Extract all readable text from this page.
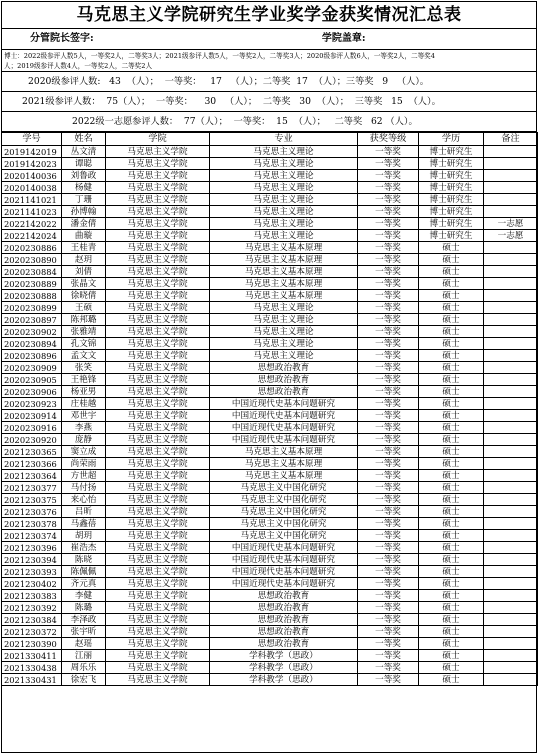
马克思主义学院研究生学业奖学金获奖情况汇总表
分管院长签字:	学院盖章:
博士：2022级参评人数5人，一等奖2人，二等奖3人；2021级参评人数5人，一等奖2人，二等奖3人；2020级参评人数6人，一等奖2人，二等奖4
人；2019级参评人数4人，一等奖2人，二等奖2人
2020级参评人数:   43  （人）；  一等奖：   17   （人）；二等奖  17  （人）；三等奖   9   （人）。
2021级参评人数：  75（人）；  一等奖：    30   （人）；  二等奖   30  （人）；  三等奖   15  （人）。
2022级一志愿参评人数：  77（人）；  一等奖：  15  （人）；   二等奖   62 （人）。
学号	姓名	学院	专业	获奖等级	学历	备注
2019142019	丛文清	马克思主义学院	马克思主义理论	一等奖	博士研究生	
2019142023	谭聪	马克思主义学院	马克思主义理论	一等奖	博士研究生	
2020140036	刘鲁政	马克思主义学院	马克思主义理论	一等奖	博士研究生	
2020140038	杨健	马克思主义学院	马克思主义理论	一等奖	博士研究生	
2021141021	丁珊	马克思主义学院	马克思主义理论	一等奖	博士研究生	
2021141023	孙博翰	马克思主义学院	马克思主义理论	一等奖	博士研究生	
2022142022	潘金倩	马克思主义学院	马克思主义理论	一等奖	博士研究生	一志愿
2022142024	曲璇	马克思主义学院	马克思主义理论	一等奖	博士研究生	一志愿
2020230886	王桂青	马克思主义学院	马克思主义基本原理	一等奖	硕士	
2020230890	赵玥	马克思主义学院	马克思主义基本原理	一等奖	硕士	
2020230884	刘倩	马克思主义学院	马克思主义基本原理	一等奖	硕士	
2020230889	张晶文	马克思主义学院	马克思主义基本原理	一等奖	硕士	
2020230888	徐晓倩	马克思主义学院	马克思主义基本原理	一等奖	硕士	
2020230899	王硕	马克思主义学院	马克思主义理论	一等奖	硕士	
2020230897	陈邦璐	马克思主义学院	马克思主义理论	一等奖	硕士	
2020230902	张雅靖	马克思主义学院	马克思主义理论	一等奖	硕士	
2020230894	孔文锦	马克思主义学院	马克思主义理论	一等奖	硕士	
2020230896	孟文文	马克思主义学院	马克思主义理论	一等奖	硕士	
2020230909	张笑	马克思主义学院	思想政治教育	一等奖	硕士	
2020230905	王艳锋	马克思主义学院	思想政治教育	一等奖	硕士	
2020230906	杨亚男	马克思主义学院	思想政治教育	一等奖	硕士	
2020230923	庄桂越	马克思主义学院	中国近现代史基本问题研究	一等奖	硕士	
2020230914	邓世宇	马克思主义学院	中国近现代史基本问题研究	一等奖	硕士	
2020230916	李燕	马克思主义学院	中国近现代史基本问题研究	一等奖	硕士	
2020230920	庞静	马克思主义学院	中国近现代史基本问题研究	一等奖	硕士	
2021230365	窦立成	马克思主义学院	马克思主义基本原理	一等奖	硕士	
2021230366	尚荣雨	马克思主义学院	马克思主义基本原理	一等奖	硕士	
2021230364	方世超	马克思主义学院	马克思主义基本原理	一等奖	硕士	
2021230377	马付扬	马克思主义学院	马克思主义中国化研究	一等奖	硕士	
2021230375	来心怡	马克思主义学院	马克思主义中国化研究	一等奖	硕士	
2021230376	吕昕	马克思主义学院	马克思主义中国化研究	一等奖	硕士	
2021230378	马鑫蓓	马克思主义学院	马克思主义中国化研究	一等奖	硕士	
2021230374	胡玥	马克思主义学院	马克思主义中国化研究	一等奖	硕士	
2021230396	崔浩杰	马克思主义学院	中国近现代史基本问题研究	一等奖	硕士	
2021230394	陈晓	马克思主义学院	中国近现代史基本问题研究	一等奖	硕士	
2021230393	陈佩佩	马克思主义学院	中国近现代史基本问题研究	一等奖	硕士	
2021230402	齐元真	马克思主义学院	中国近现代史基本问题研究	一等奖	硕士	
2021230383	李健	马克思主义学院	思想政治教育	一等奖	硕士	
2021230392	陈璐	马克思主义学院	思想政治教育	一等奖	硕士	
2021230384	李泽政	马克思主义学院	思想政治教育	一等奖	硕士	
2021230372	张宇昕	马克思主义学院	思想政治教育	一等奖	硕士	
2021230390	赵瑶	马克思主义学院	思想政治教育	一等奖	硕士	
2021330411	江丽	马克思主义学院	学科教学（思政）	一等奖	硕士	
2021330438	周乐乐	马克思主义学院	学科教学（思政）	一等奖	硕士	
2021330431	徐宏飞	马克思主义学院	学科教学（思政）	一等奖	硕士	
